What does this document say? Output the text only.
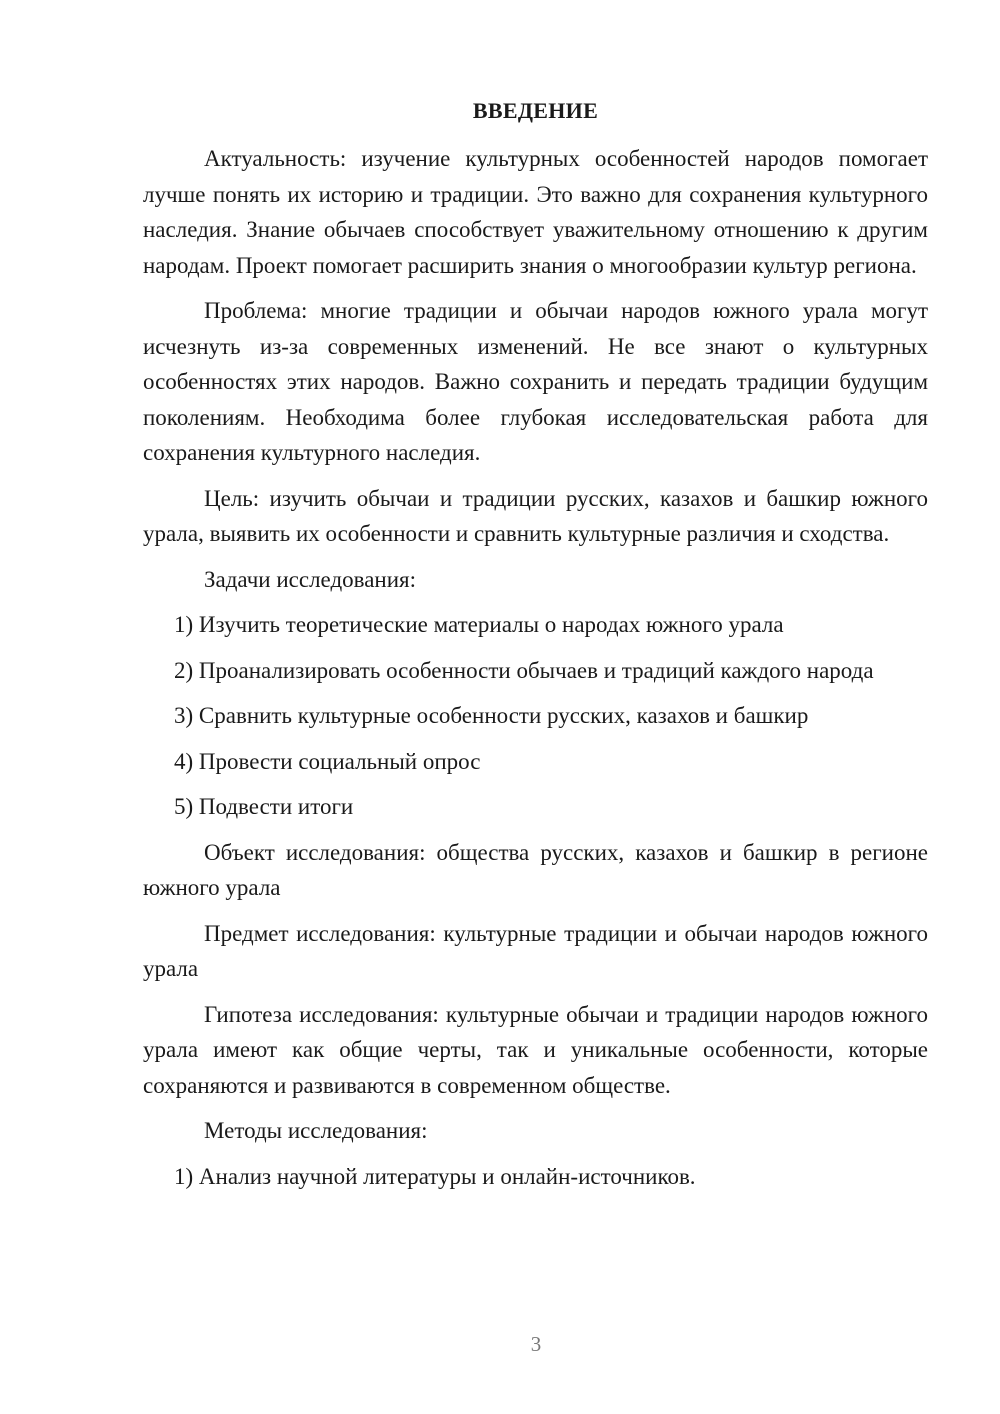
ВВЕДЕНИЕ

Актуальность: изучение культурных особенностей народов помогает лучше понять их историю и традиции. Это важно для сохранения культурного наследия. Знание обычаев способствует уважительному отношению к другим народам. Проект помогает расширить знания о многообразии культур региона.

Проблема: многие традиции и обычаи народов южного урала могут исчезнуть из-за современных изменений. Не все знают о культурных особенностях этих народов. Важно сохранить и передать традиции будущим поколениям. Необходима более глубокая исследовательская работа для сохранения культурного наследия.

Цель: изучить обычаи и традиции русских, казахов и башкир южного урала, выявить их особенности и сравнить культурные различия и сходства.

Задачи исследования:

1) Изучить теоретические материалы о народах южного урала

2) Проанализировать особенности обычаев и традиций каждого народа

3) Сравнить культурные особенности русских, казахов и башкир

4) Провести социальный опрос

5) Подвести итоги

Объект исследования: общества русских, казахов и башкир в регионе южного урала

Предмет исследования: культурные традиции и обычаи народов южного урала

Гипотеза исследования: культурные обычаи и традиции народов южного урала имеют как общие черты, так и уникальные особенности, которые сохраняются и развиваются в современном обществе.

Методы исследования:

1) Анализ научной литературы и онлайн-источников.

3
